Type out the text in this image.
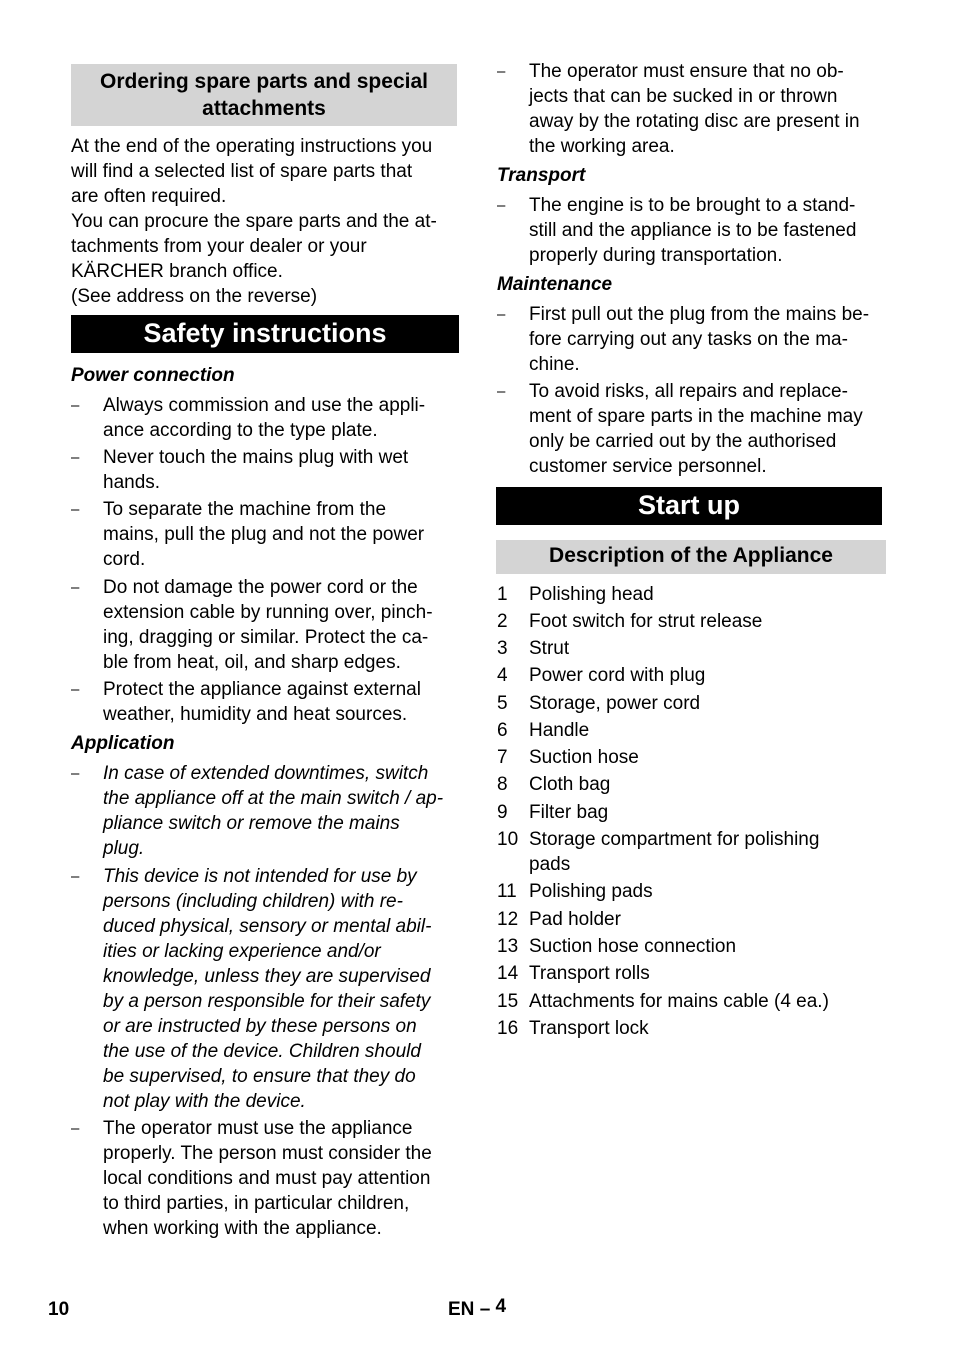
Ordering spare parts and special
attachments
At the end of the operating instructions you
will find a selected list of spare parts that
are often required.
You can procure the spare parts and the at-
tachments from your dealer or your
KÄRCHER branch office.
(See address on the reverse)
Safety instructions
Power connection
– Always commission and use the appli-
ance according to the type plate.
– Never touch the mains plug with wet
hands.
– To separate the machine from the
mains, pull the plug and not the power
cord.
– Do not damage the power cord or the
extension cable by running over, pinch-
ing, dragging or similar. Protect the ca-
ble from heat, oil, and sharp edges.
– Protect the appliance against external
weather, humidity and heat sources.
Application
– In case of extended downtimes, switch
the appliance off at the main switch / ap-
pliance switch or remove the mains
plug.
– This device is not intended for use by
persons (including children) with re-
duced physical, sensory or mental abil-
ities or lacking experience and/or
knowledge, unless they are supervised
by a person responsible for their safety
or are instructed by these persons on
the use of the device. Children should
be supervised, to ensure that they do
not play with the device.
– The operator must use the appliance
properly. The person must consider the
local conditions and must pay attention
to third parties, in particular children,
when working with the appliance.
– The operator must ensure that no ob-
jects that can be sucked in or thrown
away by the rotating disc are present in
the working area.
Transport
– The engine is to be brought to a stand-
still and the appliance is to be fastened
properly during transportation.
Maintenance
– First pull out the plug from the mains be-
fore carrying out any tasks on the ma-
chine.
– To avoid risks, all repairs and replace-
ment of spare parts in the machine may
only be carried out by the authorised
customer service personnel.
Start up
Description of the Appliance
1 Polishing head
2 Foot switch for strut release
3 Strut
4 Power cord with plug
5 Storage, power cord
6 Handle
7 Suction hose
8 Cloth bag
9 Filter bag
10 Storage compartment for polishing
pads
11 Polishing pads
12 Pad holder
13 Suction hose connection
14 Transport rolls
15 Attachments for mains cable (4 ea.)
16 Transport lock
10	EN – 4
